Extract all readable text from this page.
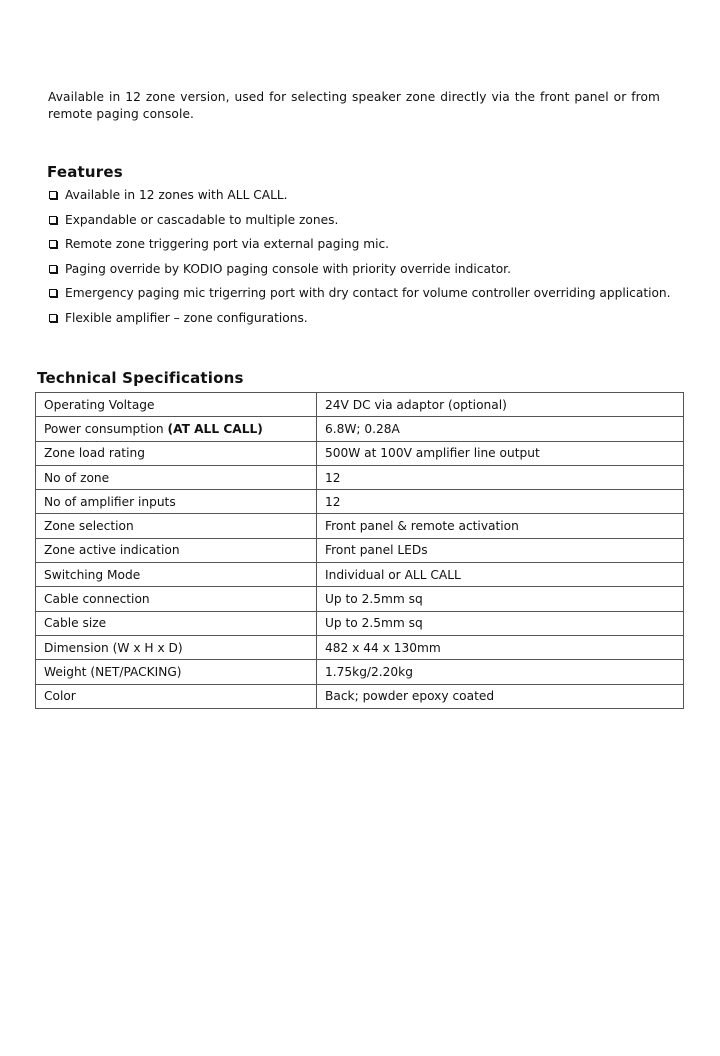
Available in 12 zone version, used for selecting speaker zone directly via the front panel or from remote paging console.
Features
Available in 12 zones with ALL CALL.
Expandable or cascadable to multiple zones.
Remote zone triggering port via external paging mic.
Paging override by KODIO paging console with priority override indicator.
Emergency paging mic trigerring port with dry contact for volume controller overriding application.
Flexible amplifier – zone configurations.
Technical Specifications
Operating Voltage	24V DC via adaptor (optional)
Power consumption (AT ALL CALL)	6.8W; 0.28A
Zone load rating	500W at 100V amplifier line output
No of zone	12
No of amplifier inputs	12
Zone selection	Front panel & remote activation
Zone active indication	Front panel LEDs
Switching Mode	Individual or ALL CALL
Cable connection	Up to 2.5mm sq
Cable size	Up to 2.5mm sq
Dimension (W x H x D)	482 x 44 x 130mm
Weight (NET/PACKING)	1.75kg/2.20kg
Color	Back; powder epoxy coated
